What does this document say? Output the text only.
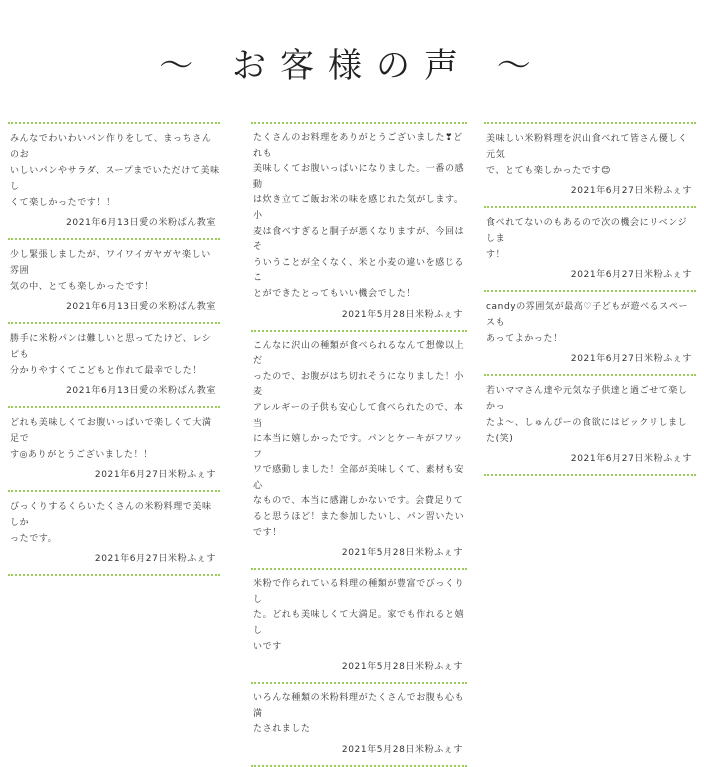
〜 お客様の声 〜

みんなでわいわいパン作りをして、まっちさんのお
いしいパンやサラダ、スープまでいただけて美味し
くて楽しかったです！！

2021年6月13日愛の米粉ぱん教室

少し緊張しましたが、ワイワイガヤガヤ楽しい雰囲
気の中、とても楽しかったです！

2021年6月13日愛の米粉ぱん教室

勝手に米粉パンは難しいと思ってたけど、レシピも
分かりやすくてこどもと作れて最幸でした！

2021年6月13日愛の米粉ぱん教室

どれも美味しくてお腹いっぱいで楽しくて大満足で
す◎ありがとうございました！！

2021年6月27日米粉ふぇす

びっくりするくらいたくさんの米粉料理で美味しか
ったです。

2021年6月27日米粉ふぇす

たくさんのお料理をありがとうございました❣どれも
美味しくてお腹いっぱいになりました。一番の感動
は炊き立てご飯お米の味を感じれた気がします。小
麦は食べすぎると胴子が悪くなりますが、今回はそ
ういうことが全くなく、米と小麦の違いを感じるこ
とができたとってもいい機会でした！

2021年5月28日米粉ふぇす

こんなに沢山の種類が食べられるなんて想像以上だ
ったので、お腹がはち切れそうになりました！小麦
アレルギーの子供も安心して食べられたので、本当
に本当に嬉しかったです。パンとケーキがフワッフ
ワで感動しました！全部が美味しくて、素材も安心
なもので、本当に感謝しかないです。会費足りて
ると思うほど！また参加したいし、パン習いたい
です！

2021年5月28日米粉ふぇす

米粉で作られている料理の種類が豊富でびっくりし
た。どれも美味しくて大満足。家でも作れると嬉し
いです

2021年5月28日米粉ふぇす

いろんな種類の米粉料理がたくさんでお腹も心も満
たされました

2021年5月28日米粉ふぇす

美味しい米粉料理を沢山食べれて皆さん優しく元気
で、とても楽しかったです😊

2021年6月27日米粉ふぇす

食べれてないのもあるので次の機会にリベンジしま
す！

2021年6月27日米粉ふぇす

candyの雰囲気が最高♡子どもが遊べるスペースも
あってよかった！

2021年6月27日米粉ふぇす

若いママさん達や元気な子供達と過ごせて楽しかっ
たよ〜、しゅんぴーの食欲にはビックリしました(笑)

2021年6月27日米粉ふぇす
